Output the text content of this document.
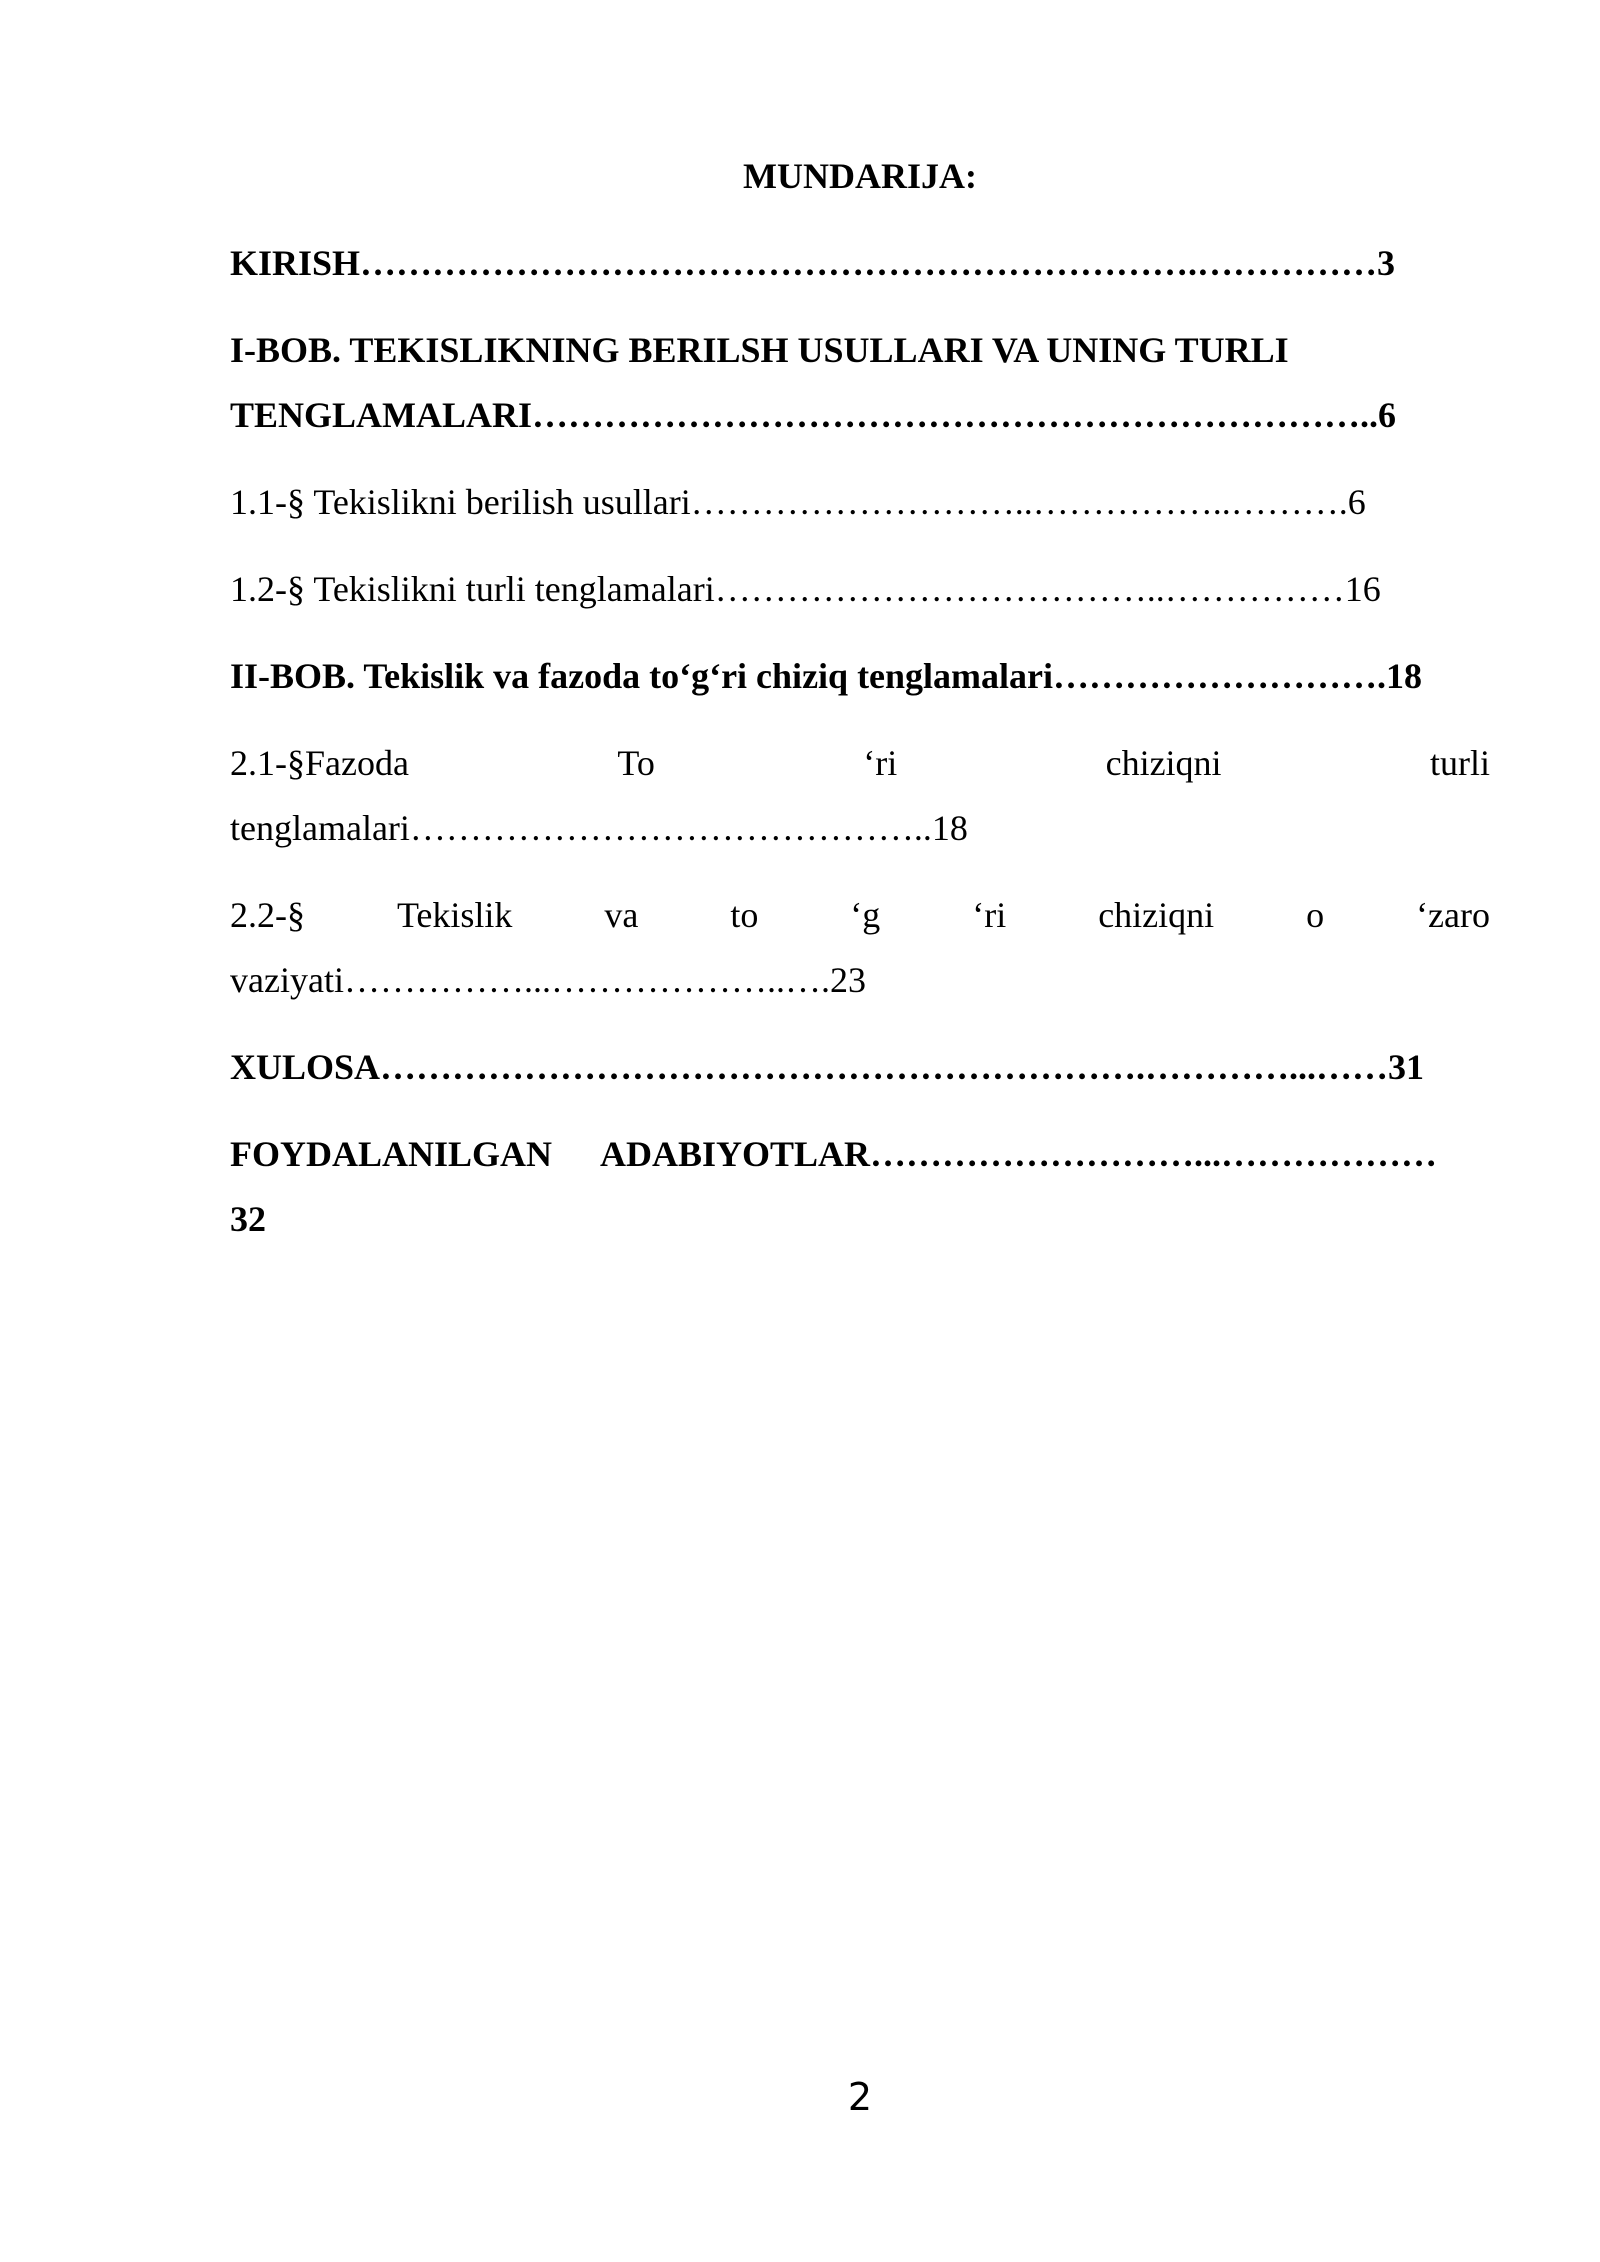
MUNDARIJA:
KIRISH…………………………………………………………….……………3
I-BOB. TEKISLIKNING BERILSH USULLARI VA UNING TURLI
TENGLAMALARI……………………………………………………………..6
1.1-§ Tekislikni berilish usullari………………………..……………..……….6
1.2-§ Tekislikni turli tenglamalari………………………………..……………16
II-BOB. Tekislik va fazoda to‘g‘ri chiziq tenglamalari……………………….18
2.1-§Fazoda	To	‘ri	chiziqni	turli
tenglamalari……………………………………..18
2.2-§	Tekislik	va	to	‘g	‘ri	chiziqni	o	‘zaro
vaziyati……………...………………..….23
XULOSA……………………………………………………….…………...……31
FOYDALANILGAN ADABIYOTLAR………………………...………………
32
2
